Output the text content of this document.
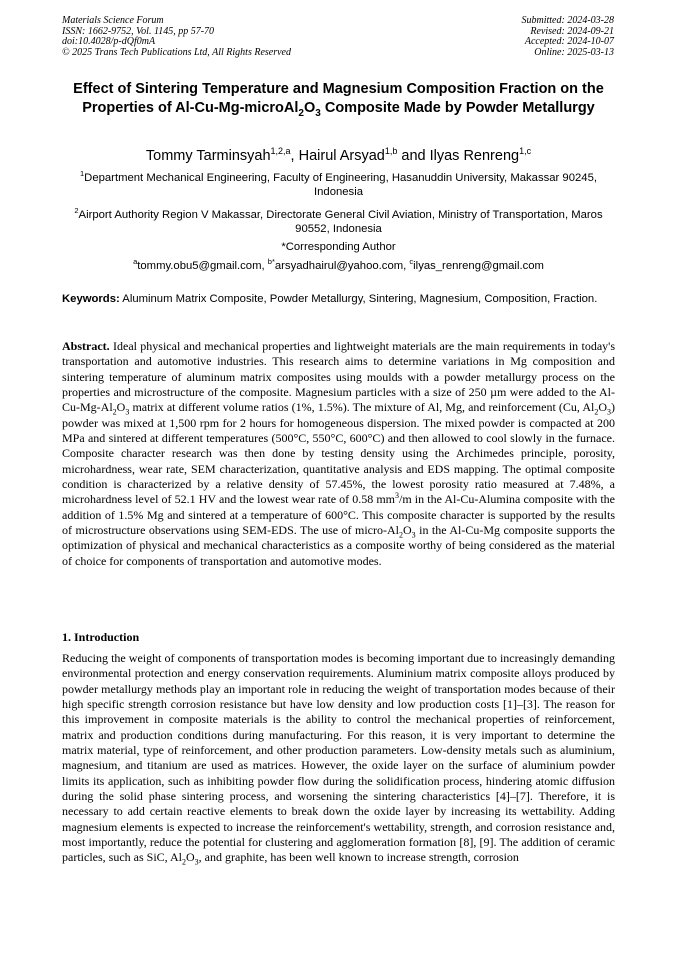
Materials Science Forum
ISSN: 1662-9752, Vol. 1145, pp 57-70
doi:10.4028/p-dQf0mA
© 2025 Trans Tech Publications Ltd, All Rights Reserved
Submitted: 2024-03-28
Revised: 2024-09-21
Accepted: 2024-10-07
Online: 2025-03-13
Effect of Sintering Temperature and Magnesium Composition Fraction on the Properties of $Al-Cu-Mg-microAl_2O_3$ Composite Made by Powder Metallurgy
Tommy Tarminsyah$^{1,2,a}$, Hairul Arsyad$^{1,b}$ and Ilyas Renreng$^{1,c}$
$^1$Department Mechanical Engineering, Faculty of Engineering, Hasanuddin University, Makassar 90245, Indonesia
$^2$Airport Authority Region V Makassar, Directorate General Civil Aviation, Ministry of Transportation, Maros 90552, Indonesia
*Corresponding Author
$^a$tommy.obu5@gmail.com, $^{b*}$arsyadhairul@yahoo.com, $^c$ilyas_renreng@gmail.com
Keywords: Aluminum Matrix Composite, Powder Metallurgy, Sintering, Magnesium, Composition, Fraction.

Abstract. Ideal physical and mechanical properties and lightweight materials are the main requirements in today's transportation and automotive industries. This research aims to determine variations in Mg composition and sintering temperature of aluminum matrix composites using moulds with a powder metallurgy process on the properties and microstructure of the composite. Magnesium particles with a size of 250 µm were added to the $Al-Cu-Mg-Al_2O_3$ matrix at different volume ratios (1%, 1.5%). The mixture of Al, Mg, and reinforcement (Cu, $Al_2O_3$) powder was mixed at 1,500 rpm for 2 hours for homogeneous dispersion. The mixed powder is compacted at 200 MPa and sintered at different temperatures (500°C, 550°C, 600°C) and then allowed to cool slowly in the furnace. Composite character research was then done by testing density using the Archimedes principle, porosity, microhardness, wear rate, SEM characterization, quantitative analysis and EDS mapping. The optimal composite condition is characterized by a relative density of 57.45%, the lowest porosity ratio measured at 7.48%, a microhardness level of 52.1 HV and the lowest wear rate of 0.58 $mm^3/m$ in the Al-Cu-Alumina composite with the addition of 1.5% Mg and sintered at a temperature of 600°C. This composite character is supported by the results of microstructure observations using SEM-EDS. The use of micro-$Al_2O_3$ in the Al-Cu-Mg composite supports the optimization of physical and mechanical characteristics as a composite worthy of being considered as the material of choice for components of transportation and automotive modes.

1. Introduction

Reducing the weight of components of transportation modes is becoming important due to increasingly demanding environmental protection and energy conservation requirements. Aluminium matrix composite alloys produced by powder metallurgy methods play an important role in reducing the weight of transportation modes because of their high specific strength corrosion resistance but have low density and low production costs [1]–[3]. The reason for this improvement in composite materials is the ability to control the mechanical properties of reinforcement, matrix and production conditions during manufacturing. For this reason, it is very important to determine the matrix material, type of reinforcement, and other production parameters. Low-density metals such as aluminium, magnesium, and titanium are used as matrices. However, the oxide layer on the surface of aluminium powder limits its application, such as inhibiting powder flow during the solidification process, hindering atomic diffusion during the solid phase sintering process, and worsening the sintering characteristics [4]–[7]. Therefore, it is necessary to add certain reactive elements to break down the oxide layer by increasing its wettability. Adding magnesium elements is expected to increase the reinforcement's wettability, strength, and corrosion resistance and, most importantly, reduce the potential for clustering and agglomeration formation [8], [9]. The addition of ceramic particles, such as SiC, $Al_2O_3$, and graphite, has been well known to increase strength, corrosion
